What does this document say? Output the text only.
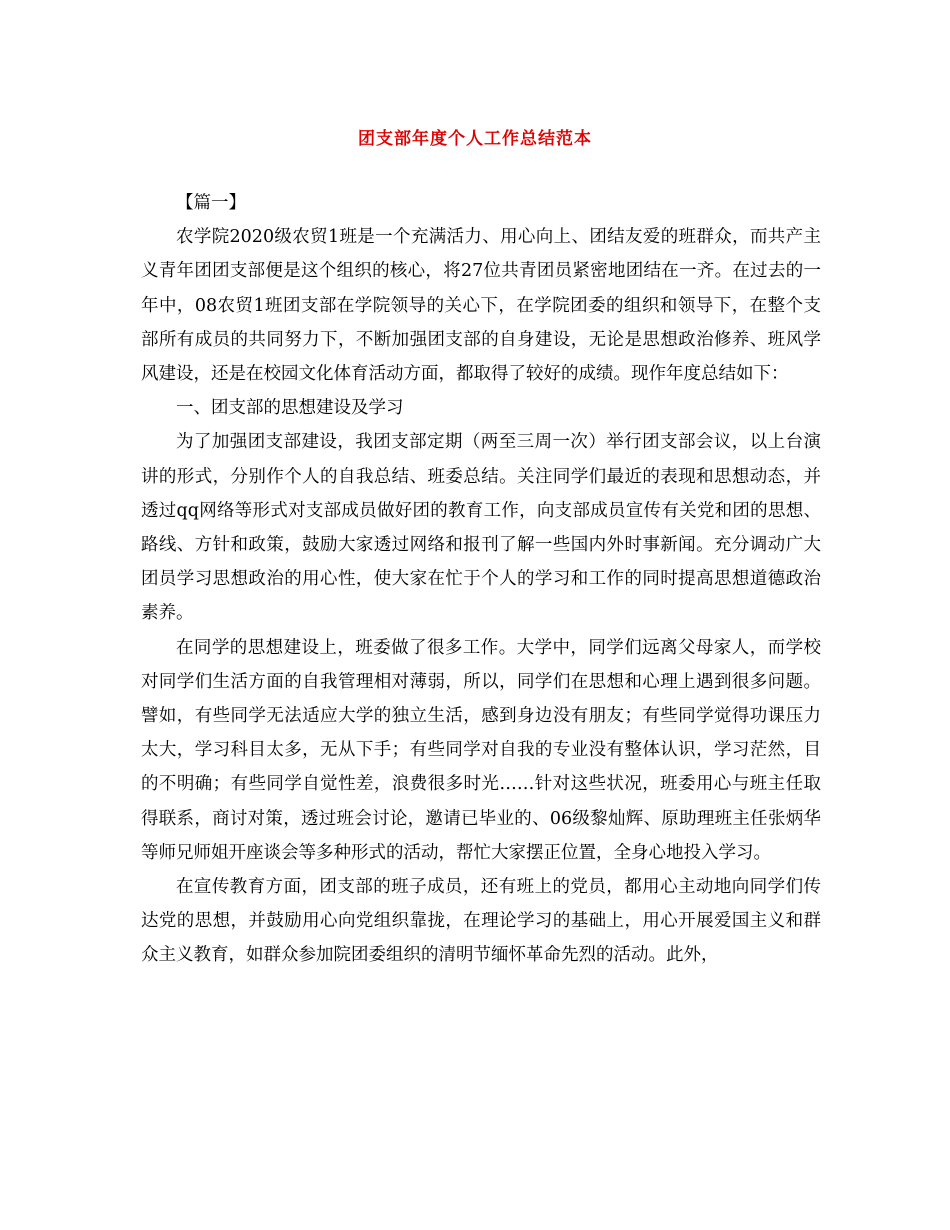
团支部年度个人工作总结范本

【篇一】

农学院2020级农贸1班是一个充满活力、用心向上、团结友爱的班群众，而共产主义青年团团支部便是这个组织的核心，将27位共青团员紧密地团结在一齐。在过去的一年中，08农贸1班团支部在学院领导的关心下，在学院团委的组织和领导下，在整个支部所有成员的共同努力下，不断加强团支部的自身建设，无论是思想政治修养、班风学风建设，还是在校园文化体育活动方面，都取得了较好的成绩。现作年度总结如下：

一、团支部的思想建设及学习

为了加强团支部建设，我团支部定期（两至三周一次）举行团支部会议，以上台演讲的形式，分别作个人的自我总结、班委总结。关注同学们最近的表现和思想动态，并透过qq网络等形式对支部成员做好团的教育工作，向支部成员宣传有关党和团的思想、路线、方针和政策，鼓励大家透过网络和报刊了解一些国内外时事新闻。充分调动广大团员学习思想政治的用心性，使大家在忙于个人的学习和工作的同时提高思想道德政治素养。

在同学的思想建设上，班委做了很多工作。大学中，同学们远离父母家人，而学校对同学们生活方面的自我管理相对薄弱，所以，同学们在思想和心理上遇到很多问题。譬如，有些同学无法适应大学的独立生活，感到身边没有朋友；有些同学觉得功课压力太大，学习科目太多，无从下手；有些同学对自我的专业没有整体认识，学习茫然，目的不明确；有些同学自觉性差，浪费很多时光……针对这些状况，班委用心与班主任取得联系，商讨对策，透过班会讨论，邀请已毕业的、06级黎灿辉、原助理班主任张炳华等师兄师姐开座谈会等多种形式的活动，帮忙大家摆正位置，全身心地投入学习。

在宣传教育方面，团支部的班子成员，还有班上的党员，都用心主动地向同学们传达党的思想，并鼓励用心向党组织靠拢，在理论学习的基础上，用心开展爱国主义和群众主义教育，如群众参加院团委组织的清明节缅怀革命先烈的活动。此外，
